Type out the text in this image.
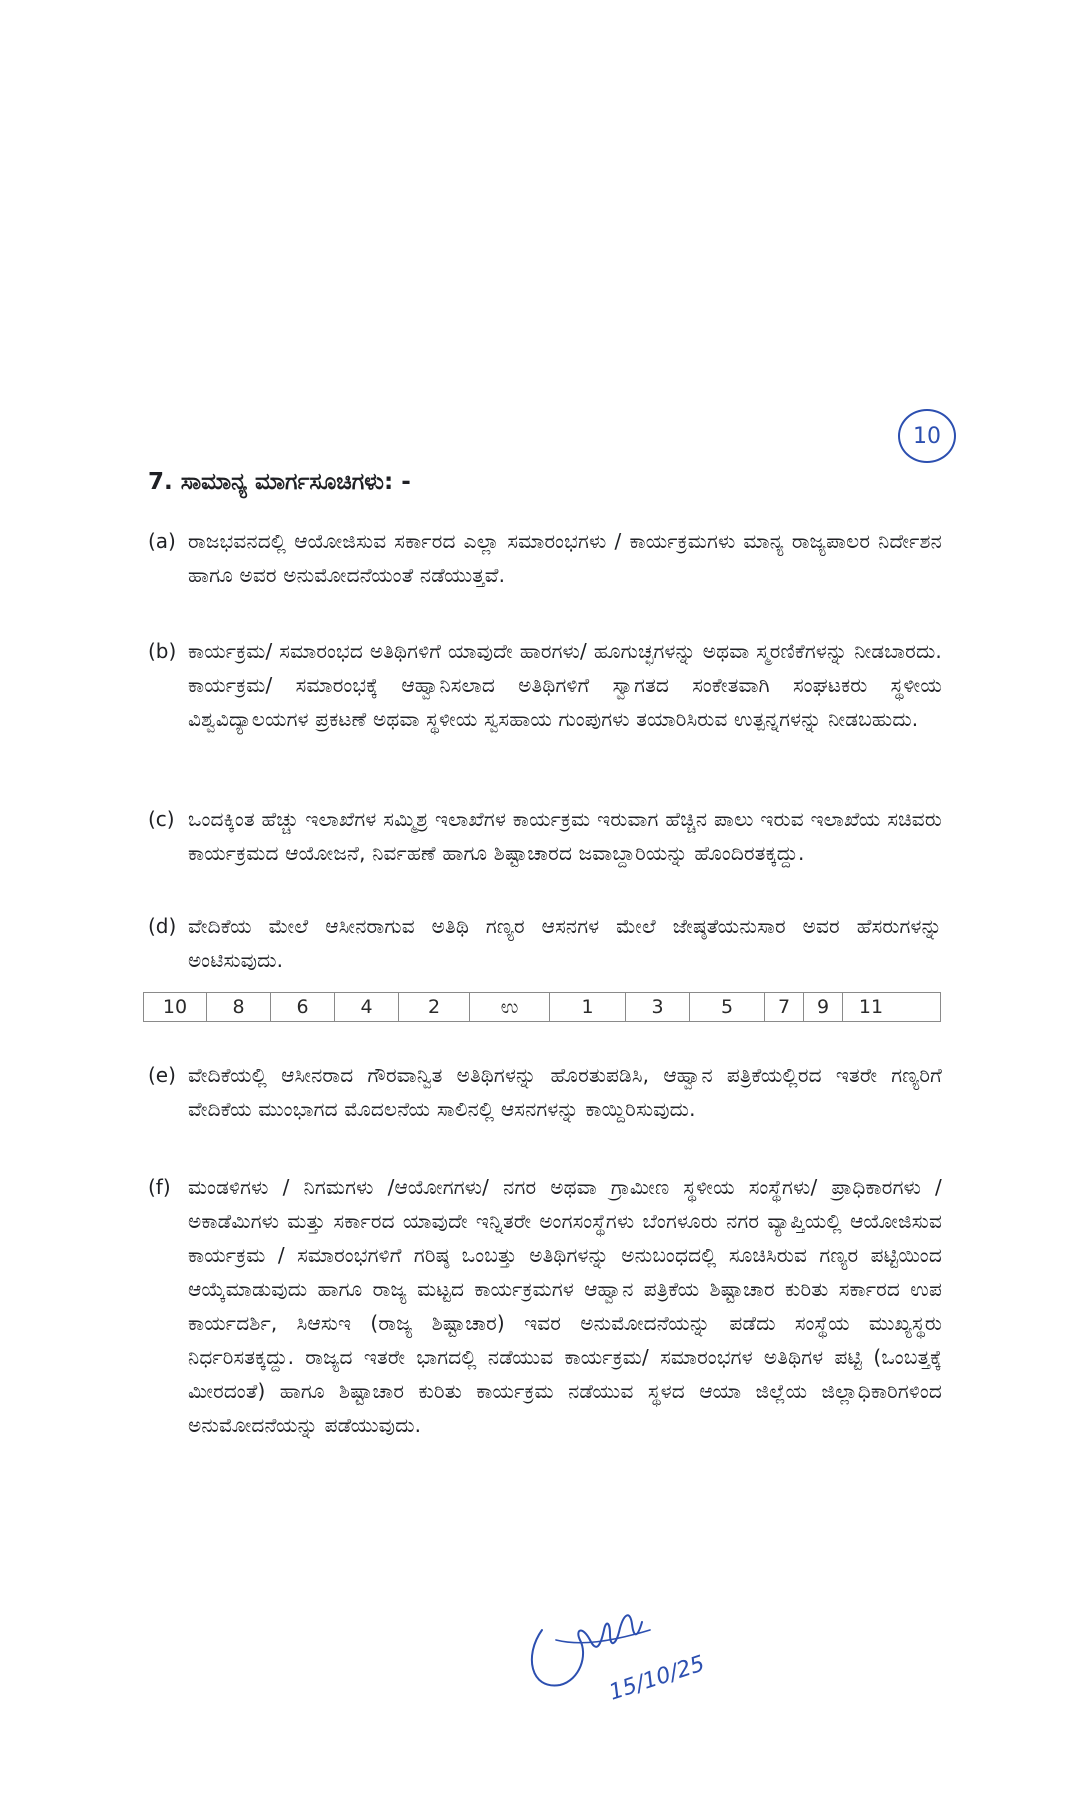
10
7. ಸಾಮಾನ್ಯ ಮಾರ್ಗಸೂಚಿಗಳು: -
(a) ರಾಜಭವನದಲ್ಲಿ ಆಯೋಜಿಸುವ ಸರ್ಕಾರದ ಎಲ್ಲಾ ಸಮಾರಂಭಗಳು / ಕಾರ್ಯಕ್ರಮಗಳು ಮಾನ್ಯ ರಾಜ್ಯಪಾಲರ ನಿರ್ದೇಶನ ಹಾಗೂ ಅವರ ಅನುಮೋದನೆಯಂತೆ ನಡೆಯುತ್ತವೆ.
(b) ಕಾರ್ಯಕ್ರಮ/ ಸಮಾರಂಭದ ಅತಿಥಿಗಳಿಗೆ ಯಾವುದೇ ಹಾರಗಳು/ ಹೂಗುಚ್ಛಗಳನ್ನು ಅಥವಾ ಸ್ಮರಣಿಕೆಗಳನ್ನು ನೀಡಬಾರದು. ಕಾರ್ಯಕ್ರಮ/ ಸಮಾರಂಭಕ್ಕೆ ಆಹ್ವಾನಿಸಲಾದ ಅತಿಥಿಗಳಿಗೆ ಸ್ವಾಗತದ ಸಂಕೇತವಾಗಿ ಸಂಘಟಕರು ಸ್ಥಳೀಯ ವಿಶ್ವವಿದ್ಯಾಲಯಗಳ ಪ್ರಕಟಣೆ ಅಥವಾ ಸ್ಥಳೀಯ ಸ್ವಸಹಾಯ ಗುಂಪುಗಳು ತಯಾರಿಸಿರುವ ಉತ್ಪನ್ನಗಳನ್ನು ನೀಡಬಹುದು.
(c) ಒಂದಕ್ಕಿಂತ ಹೆಚ್ಚು ಇಲಾಖೆಗಳ ಸಮ್ಮಿಶ್ರ ಇಲಾಖೆಗಳ ಕಾರ್ಯಕ್ರಮ ಇರುವಾಗ ಹೆಚ್ಚಿನ ಪಾಲು ಇರುವ ಇಲಾಖೆಯ ಸಚಿವರು ಕಾರ್ಯಕ್ರಮದ ಆಯೋಜನೆ, ನಿರ್ವಹಣೆ ಹಾಗೂ ಶಿಷ್ಟಾಚಾರದ ಜವಾಬ್ದಾರಿಯನ್ನು ಹೊಂದಿರತಕ್ಕದ್ದು.
(d) ವೇದಿಕೆಯ ಮೇಲೆ ಆಸೀನರಾಗುವ ಅತಿಥಿ ಗಣ್ಯರ ಆಸನಗಳ ಮೇಲೆ ಜೇಷ್ಠತೆಯನುಸಾರ ಅವರ ಹೆಸರುಗಳನ್ನು ಅಂಟಿಸುವುದು.
10	8	6	4	2	ಉ	1	3	5	7	9	11
(e) ವೇದಿಕೆಯಲ್ಲಿ ಆಸೀನರಾದ ಗೌರವಾನ್ವಿತ ಅತಿಥಿಗಳನ್ನು ಹೊರತುಪಡಿಸಿ, ಆಹ್ವಾನ ಪತ್ರಿಕೆಯಲ್ಲಿರದ ಇತರೇ ಗಣ್ಯರಿಗೆ ವೇದಿಕೆಯ ಮುಂಭಾಗದ ಮೊದಲನೆಯ ಸಾಲಿನಲ್ಲಿ ಆಸನಗಳನ್ನು ಕಾಯ್ದಿರಿಸುವುದು.
(f) ಮಂಡಳಿಗಳು / ನಿಗಮಗಳು /ಆಯೋಗಗಳು/ ನಗರ ಅಥವಾ ಗ್ರಾಮೀಣ ಸ್ಥಳೀಯ ಸಂಸ್ಥೆಗಳು/ ಪ್ರಾಧಿಕಾರಗಳು / ಅಕಾಡೆಮಿಗಳು ಮತ್ತು ಸರ್ಕಾರದ ಯಾವುದೇ ಇನ್ನಿತರೇ ಅಂಗಸಂಸ್ಥೆಗಳು ಬೆಂಗಳೂರು ನಗರ ವ್ಯಾಪ್ತಿಯಲ್ಲಿ ಆಯೋಜಿಸುವ ಕಾರ್ಯಕ್ರಮ / ಸಮಾರಂಭಗಳಿಗೆ ಗರಿಷ್ಠ ಒಂಬತ್ತು ಅತಿಥಿಗಳನ್ನು ಅನುಬಂಧದಲ್ಲಿ ಸೂಚಿಸಿರುವ ಗಣ್ಯರ ಪಟ್ಟಿಯಿಂದ ಆಯ್ಕೆಮಾಡುವುದು ಹಾಗೂ ರಾಜ್ಯ ಮಟ್ಟದ ಕಾರ್ಯಕ್ರಮಗಳ ಆಹ್ವಾನ ಪತ್ರಿಕೆಯ ಶಿಷ್ಟಾಚಾರ ಕುರಿತು ಸರ್ಕಾರದ ಉಪ ಕಾರ್ಯದರ್ಶಿ, ಸಿಆಸುಇ (ರಾಜ್ಯ ಶಿಷ್ಟಾಚಾರ) ಇವರ ಅನುಮೋದನೆಯನ್ನು ಪಡೆದು ಸಂಸ್ಥೆಯ ಮುಖ್ಯಸ್ಥರು ನಿರ್ಧರಿಸತಕ್ಕದ್ದು. ರಾಜ್ಯದ ಇತರೇ ಭಾಗದಲ್ಲಿ ನಡೆಯುವ ಕಾರ್ಯಕ್ರಮ/ ಸಮಾರಂಭಗಳ ಅತಿಥಿಗಳ ಪಟ್ಟಿ (ಒಂಬತ್ತಕ್ಕೆ ಮೀರದಂತೆ) ಹಾಗೂ ಶಿಷ್ಟಾಚಾರ ಕುರಿತು ಕಾರ್ಯಕ್ರಮ ನಡೆಯುವ ಸ್ಥಳದ ಆಯಾ ಜಿಲ್ಲೆಯ ಜಿಲ್ಲಾಧಿಕಾರಿಗಳಿಂದ ಅನುಮೋದನೆಯನ್ನು ಪಡೆಯುವುದು.
15/10/25
